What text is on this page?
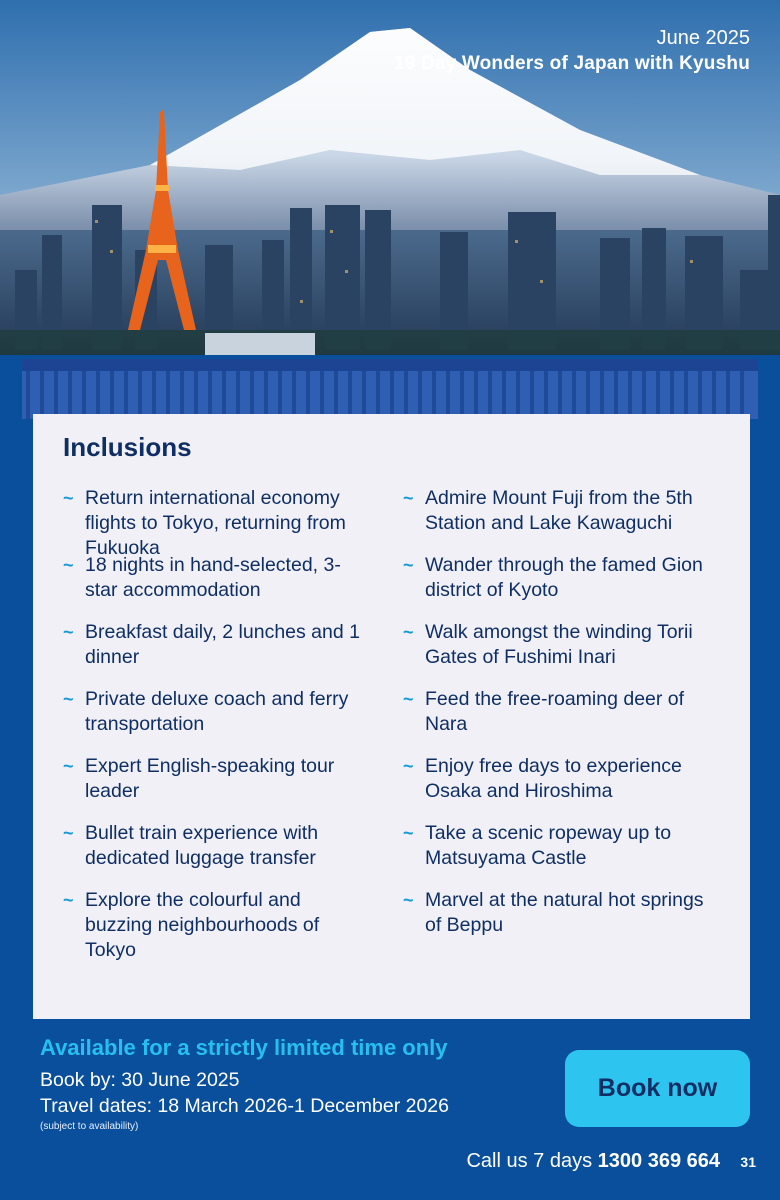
June 2025
19 Day Wonders of Japan with Kyushu
Inclusions
~ Return international economy flights to Tokyo, returning from Fukuoka
~ 18 nights in hand-selected, 3-star accommodation
~ Breakfast daily, 2 lunches and 1 dinner
~ Private deluxe coach and ferry transportation
~ Expert English-speaking tour leader
~ Bullet train experience with dedicated luggage transfer
~ Explore the colourful and buzzing neighbourhoods of Tokyo
~ Admire Mount Fuji from the 5th Station and Lake Kawaguchi
~ Wander through the famed Gion district of Kyoto
~ Walk amongst the winding Torii Gates of Fushimi Inari
~ Feed the free-roaming deer of Nara
~ Enjoy free days to experience Osaka and Hiroshima
~ Take a scenic ropeway up to Matsuyama Castle
~ Marvel at the natural hot springs of Beppu
Available for a strictly limited time only
Book by: 30 June 2025
Travel dates: 18 March 2026-1 December 2026
(subject to availability)
Book now
Call us 7 days 1300 369 664 31
